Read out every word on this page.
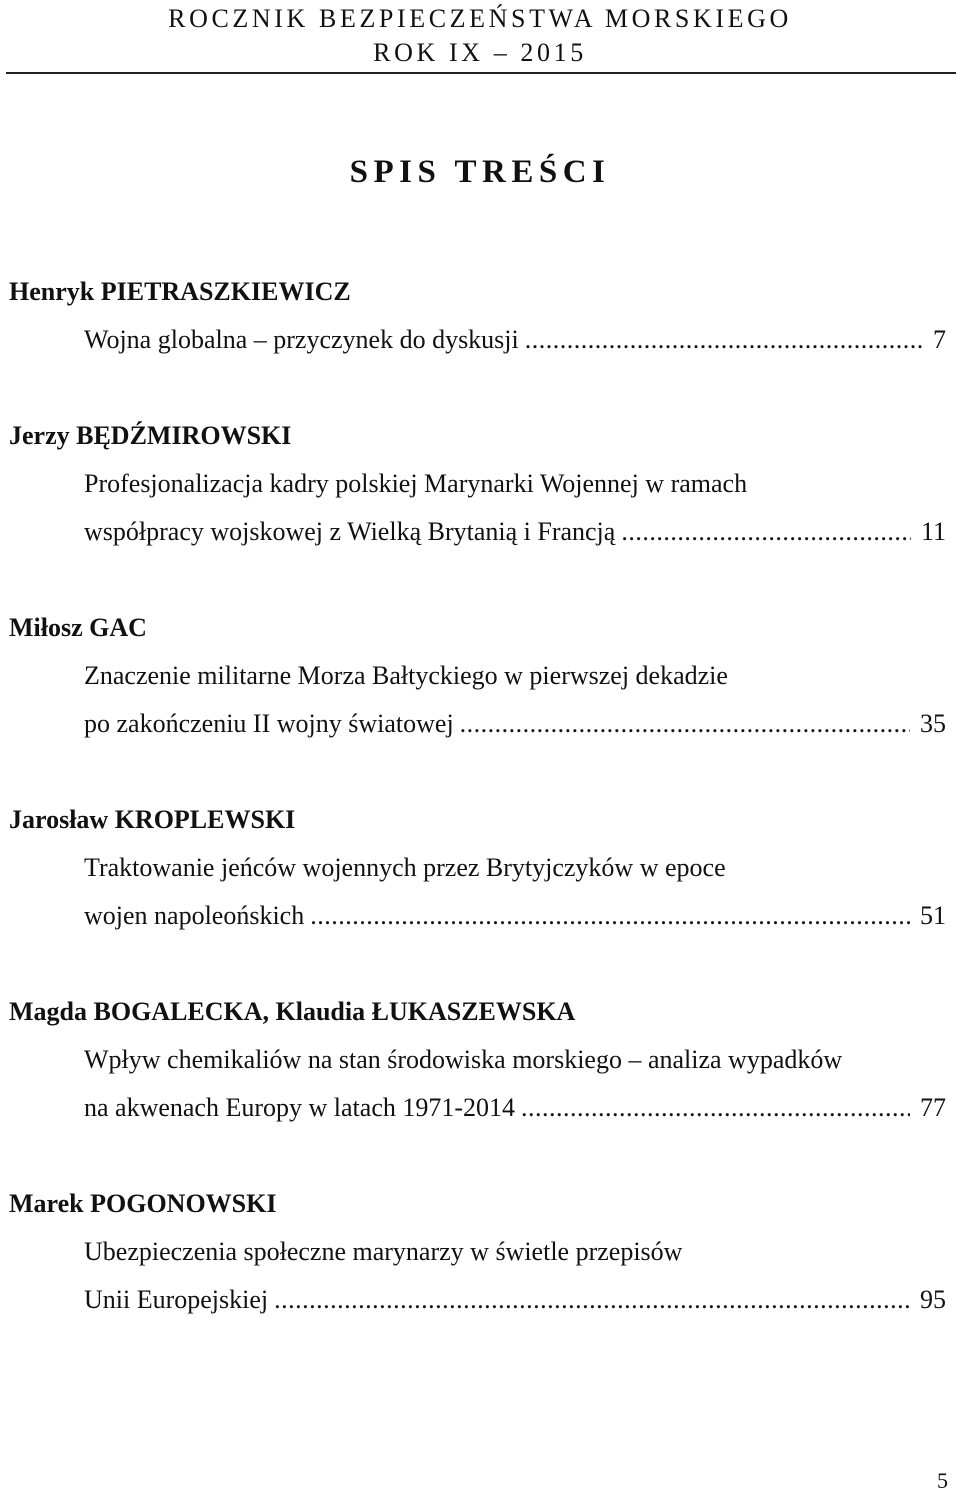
ROCZNIK BEZPIECZEŃSTWA MORSKIEGO
ROK IX – 2015
SPIS TREŚCI
Henryk PIETRASZKIEWICZ
Wojna globalna – przyczynek do dyskusji .....	7
Jerzy BĘDŹMIROWSKI
Profesjonalizacja kadry polskiej Marynarki Wojennej w ramach
współpracy wojskowej z Wielką Brytanią i Francją .....	11
Miłosz GAC
Znaczenie militarne Morza Bałtyckiego w pierwszej dekadzie
po zakończeniu II wojny światowej .....	35
Jarosław KROPLEWSKI
Traktowanie jeńców wojennych przez Brytyjczyków w epoce
wojen napoleońskich .....	51
Magda BOGALECKA, Klaudia ŁUKASZEWSKA
Wpływ chemikaliów na stan środowiska morskiego – analiza wypadków
na akwenach Europy w latach 1971-2014 .....	77
Marek POGONOWSKI
Ubezpieczenia społeczne marynarzy w świetle przepisów
Unii Europejskiej .....	95
5
